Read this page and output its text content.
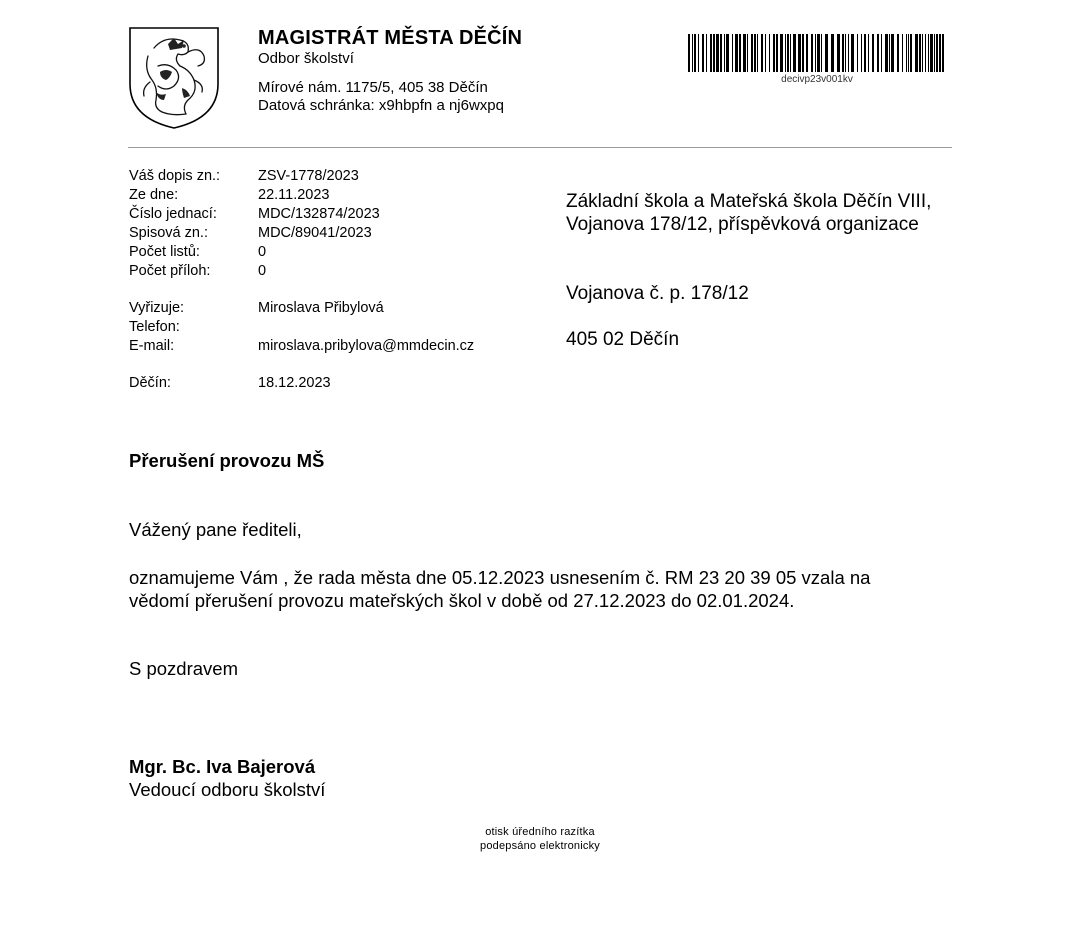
MAGISTRÁT MĚSTA DĚČÍN
Odbor školství
Mírové nám. 1175/5, 405 38 Děčín
Datová schránka: x9hbpfn a nj6wxpq
decivp23v001kv
Váš dopis zn.:	ZSV-1778/2023
Ze dne:	22.11.2023
Číslo jednací:	MDC/132874/2023
Spisová zn.:	MDC/89041/2023
Počet listů:	0
Počet příloh:	0
Vyřizuje:	Miroslava Přibylová
Telefon:
E-mail:	miroslava.pribylova@mmdecin.cz
Děčín:	18.12.2023
Základní škola a Mateřská škola Děčín VIII,
Vojanova 178/12, příspěvková organizace
Vojanova č. p. 178/12
405 02 Děčín
Přerušení provozu MŠ
Vážený pane řediteli,
oznamujeme Vám , že rada města dne 05.12.2023 usnesením č. RM 23 20 39 05 vzala na
vědomí přerušení provozu mateřských škol v době od 27.12.2023 do 02.01.2024.
S pozdravem
Mgr. Bc. Iva Bajerová
Vedoucí odboru školství
otisk úředního razítka
podepsáno elektronicky
